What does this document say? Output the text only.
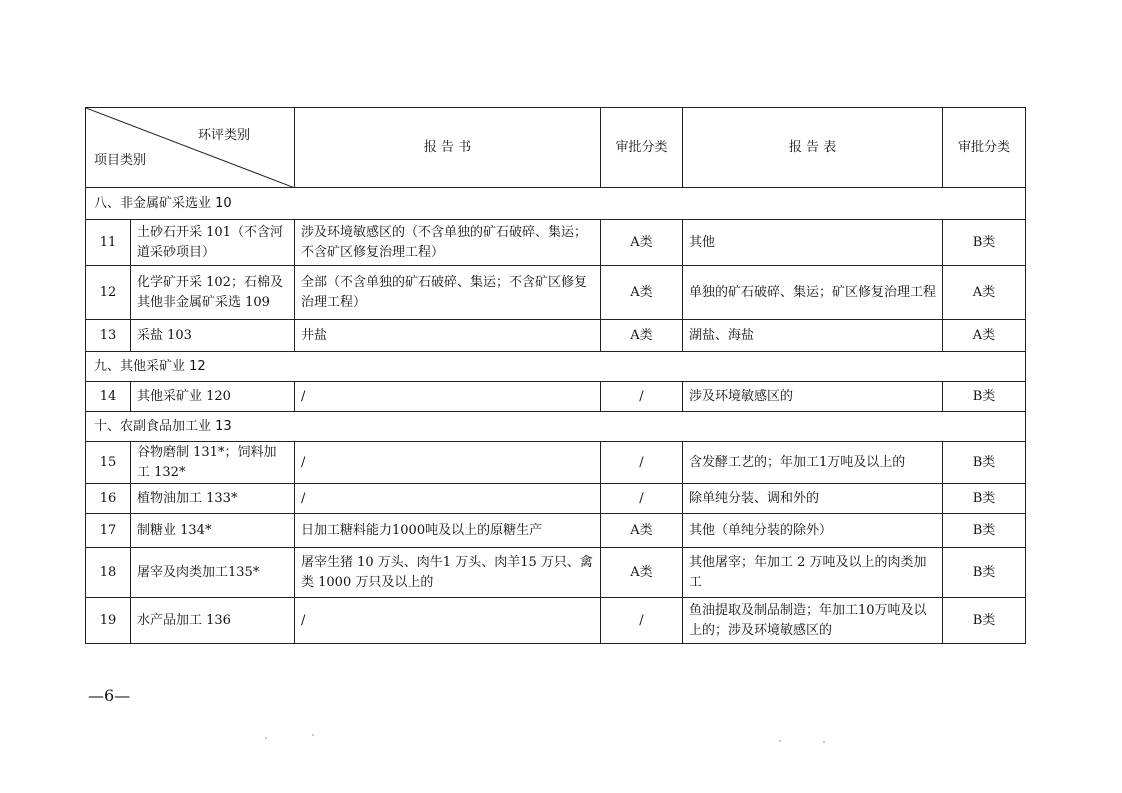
环评类别
项目类别		报 告 书	审批分类	报 告 表	审批分类
八、非金属矿采选业 10					
11	土砂石开采 101（不含河道采砂项目）	涉及环境敏感区的（不含单独的矿石破碎、集运；不含矿区修复治理工程）	A类	其他	B类
12	化学矿开采 102；石棉及其他非金属矿采选 109	全部（不含单独的矿石破碎、集运；不含矿区修复治理工程）	A类	单独的矿石破碎、集运；矿区修复治理工程	A类
13	采盐 103	井盐	A类	湖盐、海盐	A类
九、其他采矿业 12					
14	其他采矿业 120	/	/	涉及环境敏感区的	B类
十、农副食品加工业 13					
15	谷物磨制 131*；饲料加工 132*	/	/	含发酵工艺的；年加工1万吨及以上的	B类
16	植物油加工 133*	/	/	除单纯分装、调和外的	B类
17	制糖业 134*	日加工糖料能力1000吨及以上的原糖生产	A类	其他（单纯分装的除外）	B类
18	屠宰及肉类加工135*	屠宰生猪 10 万头、肉牛1 万头、肉羊15 万只、禽类 1000 万只及以上的	A类	其他屠宰；年加工 2 万吨及以上的肉类加工	B类
19	水产品加工 136	/	/	鱼油提取及制品制造；年加工10万吨及以上的；涉及环境敏感区的	B类
—6—
